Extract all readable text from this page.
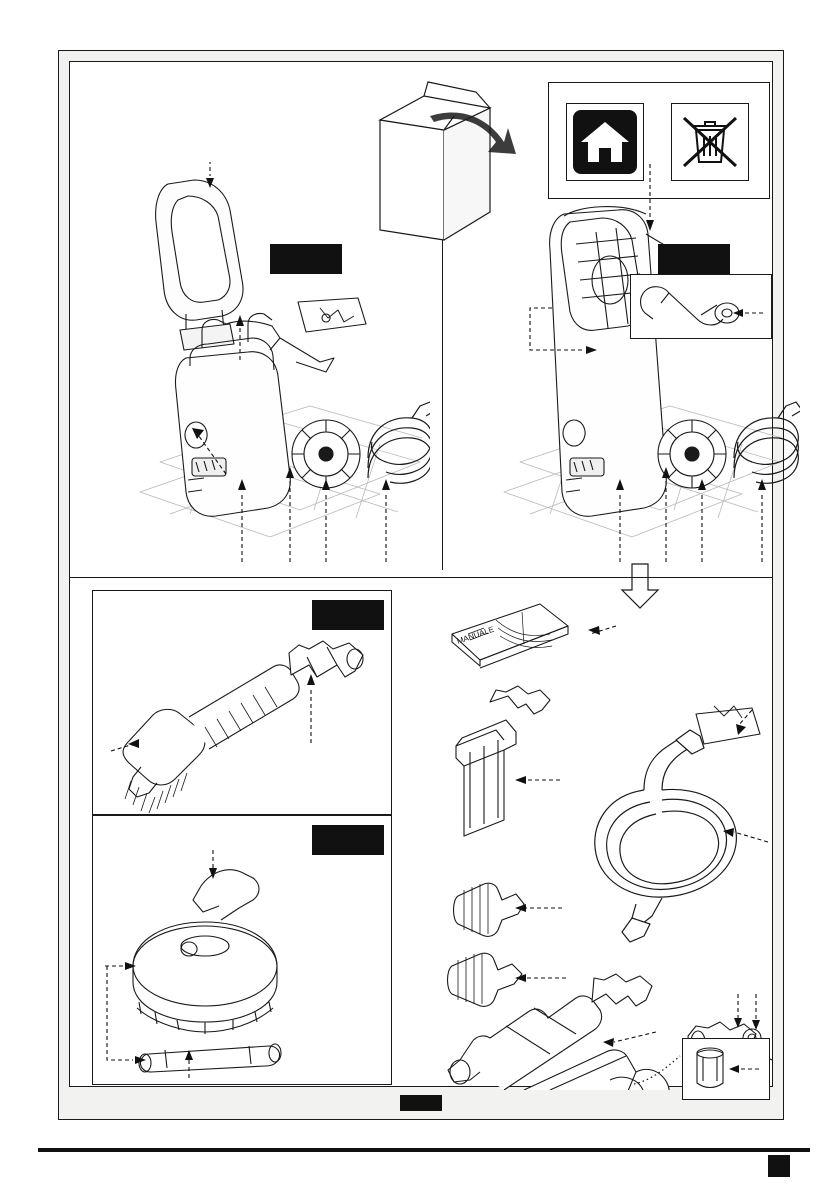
MANUALE
